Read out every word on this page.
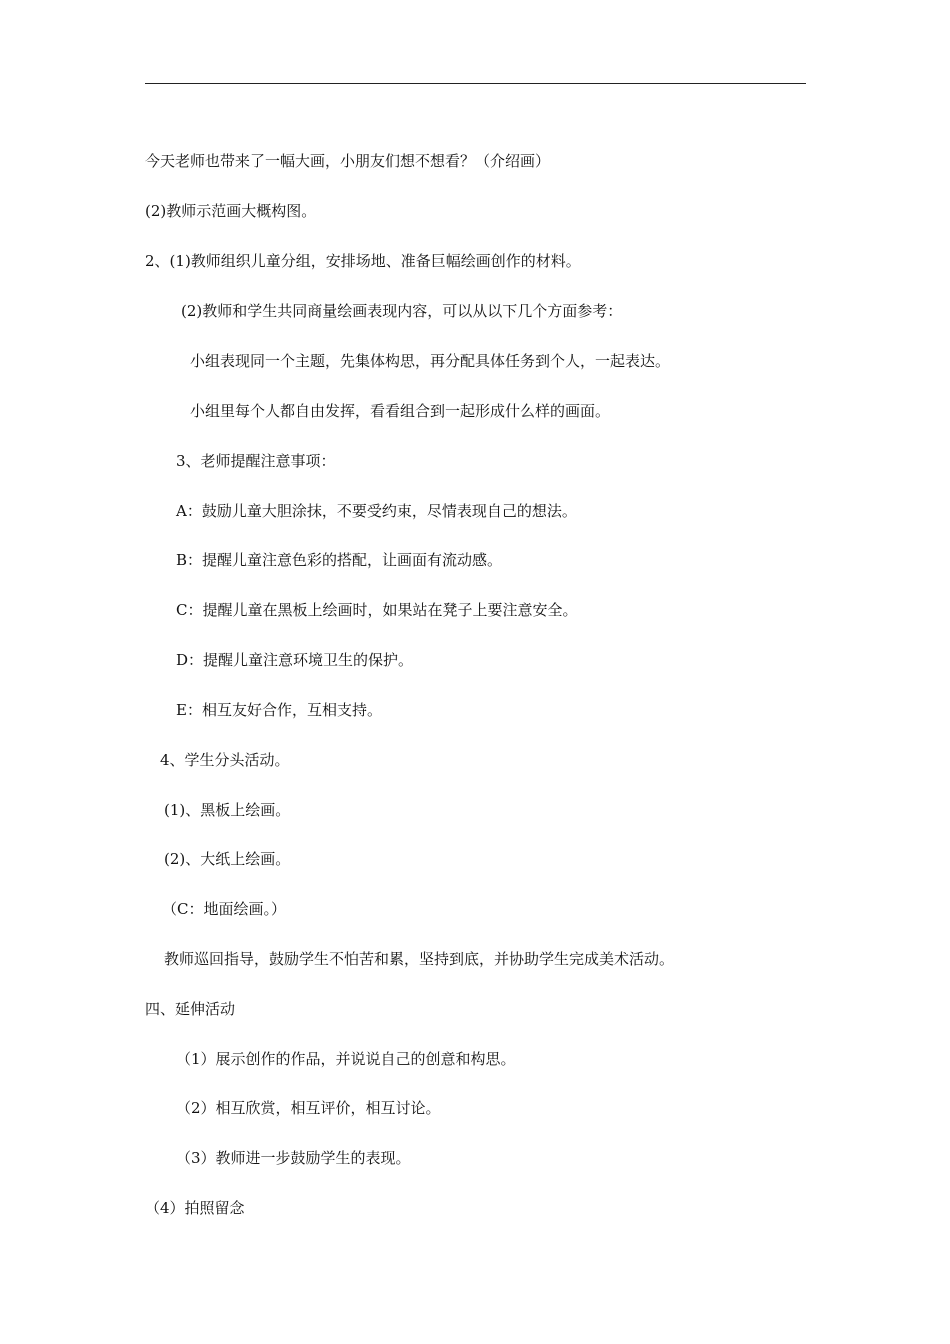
今天老师也带来了一幅大画，小朋友们想不想看？（介绍画）
(2)教师示范画大概构图。
2、(1)教师组织儿童分组，安排场地、准备巨幅绘画创作的材料。
(2)教师和学生共同商量绘画表现内容，可以从以下几个方面参考：
小组表现同一个主题，先集体构思，再分配具体任务到个人，一起表达。
小组里每个人都自由发挥，看看组合到一起形成什么样的画面。
3、老师提醒注意事项：
A：鼓励儿童大胆涂抹，不要受约束，尽情表现自己的想法。
B：提醒儿童注意色彩的搭配，让画面有流动感。
C：提醒儿童在黑板上绘画时，如果站在凳子上要注意安全。
D：提醒儿童注意环境卫生的保护。
E：相互友好合作，互相支持。
4、学生分头活动。
(1)、黑板上绘画。
(2)、大纸上绘画。
（C：地面绘画。）
教师巡回指导，鼓励学生不怕苦和累，坚持到底，并协助学生完成美术活动。
四、延伸活动
（1）展示创作的作品，并说说自己的创意和构思。
（2）相互欣赏，相互评价，相互讨论。
（3）教师进一步鼓励学生的表现。
（4）拍照留念
